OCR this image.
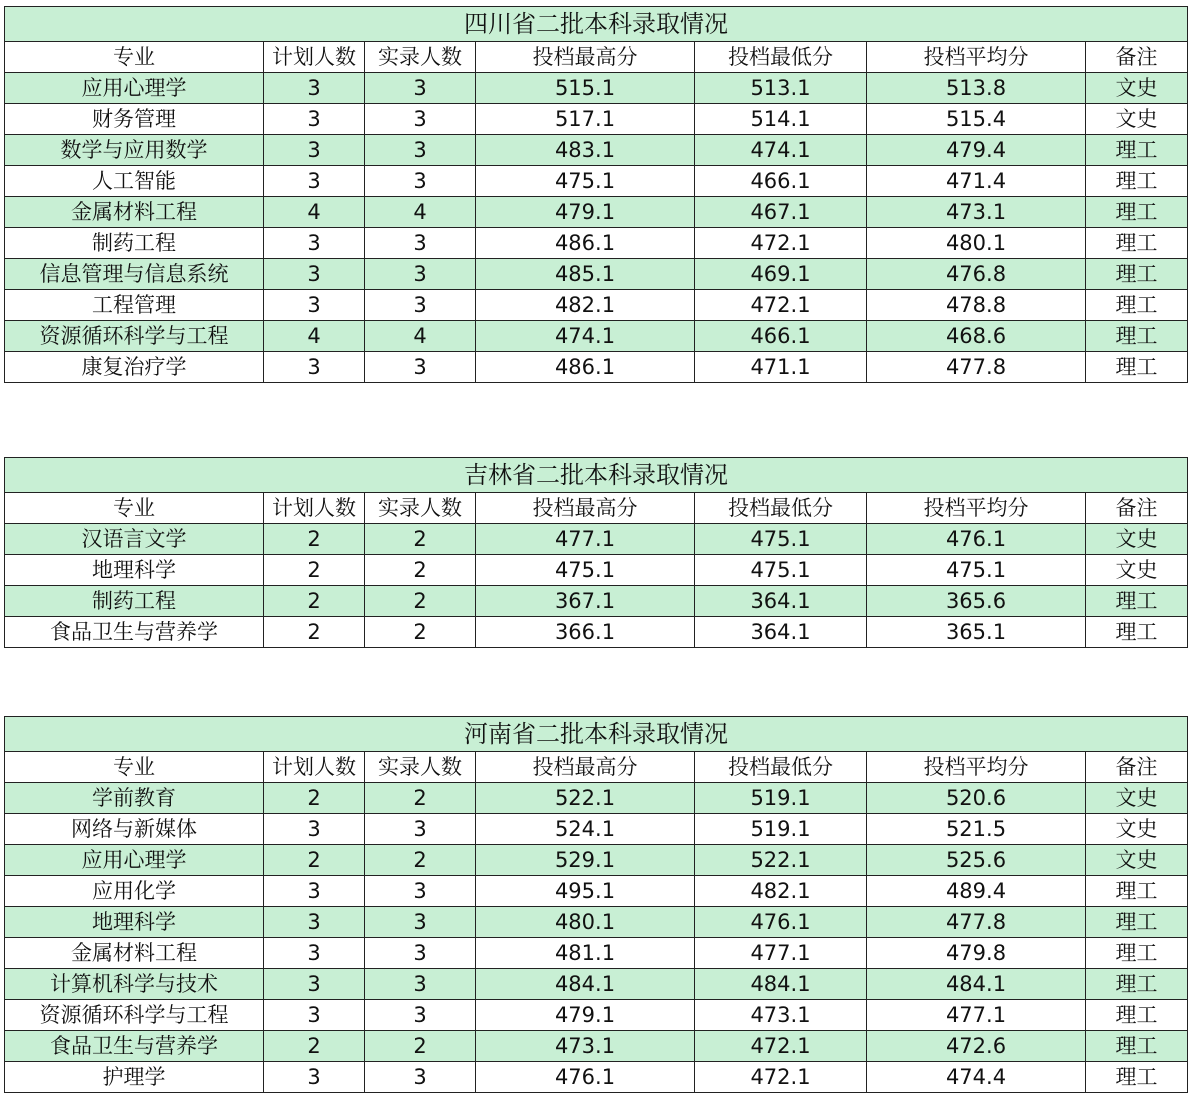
四川省二批本科录取情况						
专业	计划人数	实录人数	投档最高分	投档最低分	投档平均分	备注
应用心理学	3	3	515.1	513.1	513.8	文史
财务管理	3	3	517.1	514.1	515.4	文史
数学与应用数学	3	3	483.1	474.1	479.4	理工
人工智能	3	3	475.1	466.1	471.4	理工
金属材料工程	4	4	479.1	467.1	473.1	理工
制药工程	3	3	486.1	472.1	480.1	理工
信息管理与信息系统	3	3	485.1	469.1	476.8	理工
工程管理	3	3	482.1	472.1	478.8	理工
资源循环科学与工程	4	4	474.1	466.1	468.6	理工
康复治疗学	3	3	486.1	471.1	477.8	理工
吉林省二批本科录取情况						
专业	计划人数	实录人数	投档最高分	投档最低分	投档平均分	备注
汉语言文学	2	2	477.1	475.1	476.1	文史
地理科学	2	2	475.1	475.1	475.1	文史
制药工程	2	2	367.1	364.1	365.6	理工
食品卫生与营养学	2	2	366.1	364.1	365.1	理工
河南省二批本科录取情况						
专业	计划人数	实录人数	投档最高分	投档最低分	投档平均分	备注
学前教育	2	2	522.1	519.1	520.6	文史
网络与新媒体	3	3	524.1	519.1	521.5	文史
应用心理学	2	2	529.1	522.1	525.6	文史
应用化学	3	3	495.1	482.1	489.4	理工
地理科学	3	3	480.1	476.1	477.8	理工
金属材料工程	3	3	481.1	477.1	479.8	理工
计算机科学与技术	3	3	484.1	484.1	484.1	理工
资源循环科学与工程	3	3	479.1	473.1	477.1	理工
食品卫生与营养学	2	2	473.1	472.1	472.6	理工
护理学	3	3	476.1	472.1	474.4	理工
